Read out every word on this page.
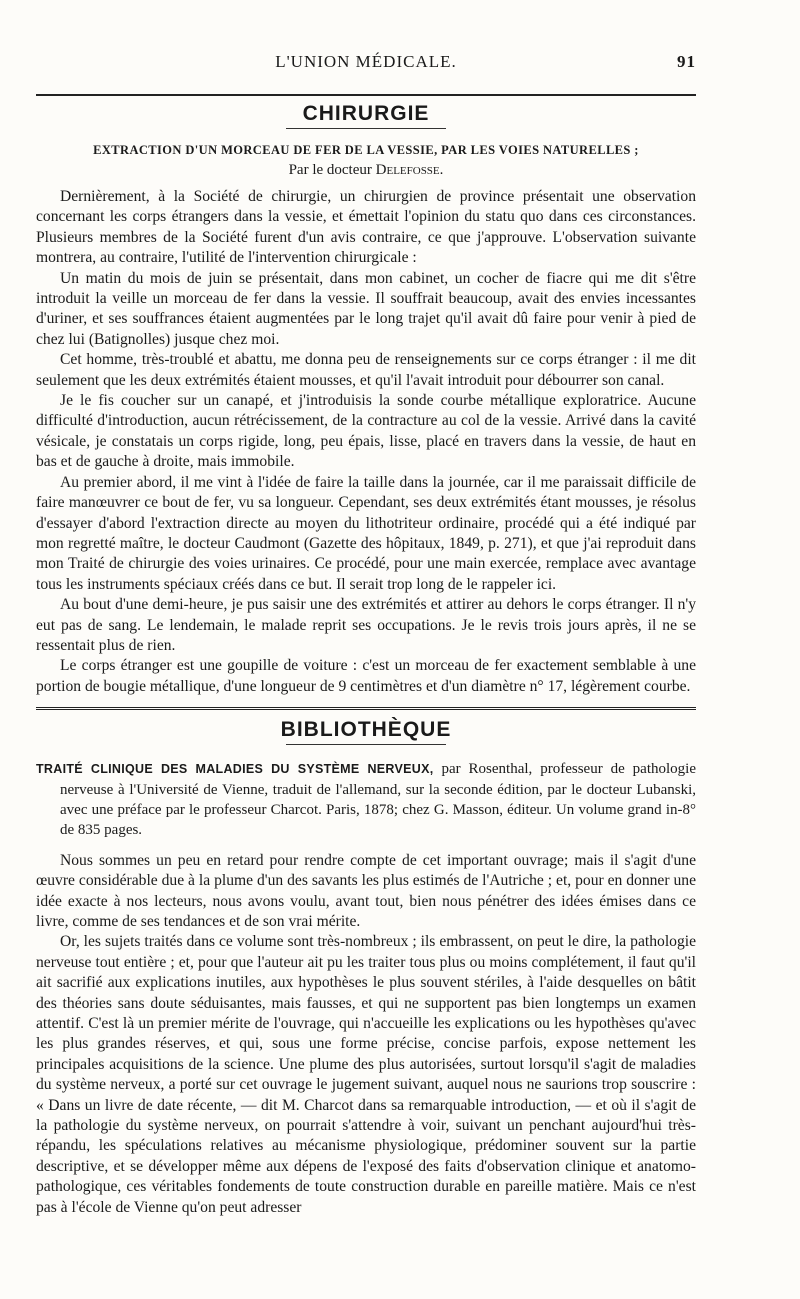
L'UNION MÉDICALE.	91
CHIRURGIE
EXTRACTION D'UN MORCEAU DE FER DE LA VESSIE, PAR LES VOIES NATURELLES ;
Par le docteur Delefosse.

Dernièrement, à la Société de chirurgie, un chirurgien de province présentait une observation concernant les corps étrangers dans la vessie, et émettait l'opinion du statu quo dans ces circonstances. Plusieurs membres de la Société furent d'un avis contraire, ce que j'approuve. L'observation suivante montrera, au contraire, l'utilité de l'intervention chirurgicale :

Un matin du mois de juin se présentait, dans mon cabinet, un cocher de fiacre qui me dit s'être introduit la veille un morceau de fer dans la vessie. Il souffrait beaucoup, avait des envies incessantes d'uriner, et ses souffrances étaient augmentées par le long trajet qu'il avait dû faire pour venir à pied de chez lui (Batignolles) jusque chez moi.

Cet homme, très-troublé et abattu, me donna peu de renseignements sur ce corps étranger : il me dit seulement que les deux extrémités étaient mousses, et qu'il l'avait introduit pour débourrer son canal.

Je le fis coucher sur un canapé, et j'introduisis la sonde courbe métallique exploratrice. Aucune difficulté d'introduction, aucun rétrécissement, de la contracture au col de la vessie. Arrivé dans la cavité vésicale, je constatais un corps rigide, long, peu épais, lisse, placé en travers dans la vessie, de haut en bas et de gauche à droite, mais immobile.

Au premier abord, il me vint à l'idée de faire la taille dans la journée, car il me paraissait difficile de faire manœuvrer ce bout de fer, vu sa longueur. Cependant, ses deux extrémités étant mousses, je résolus d'essayer d'abord l'extraction directe au moyen du lithotriteur ordinaire, procédé qui a été indiqué par mon regretté maître, le docteur Caudmont (Gazette des hôpitaux, 1849, p. 271), et que j'ai reproduit dans mon Traité de chirurgie des voies urinaires. Ce procédé, pour une main exercée, remplace avec avantage tous les instruments spéciaux créés dans ce but. Il serait trop long de le rappeler ici.

Au bout d'une demi-heure, je pus saisir une des extrémités et attirer au dehors le corps étranger. Il n'y eut pas de sang. Le lendemain, le malade reprit ses occupations. Je le revis trois jours après, il ne se ressentait plus de rien.

Le corps étranger est une goupille de voiture : c'est un morceau de fer exactement semblable à une portion de bougie métallique, d'une longueur de 9 centimètres et d'un diamètre n° 17, légèrement courbe.

BIBLIOTHÈQUE
TRAITÉ CLINIQUE DES MALADIES DU SYSTÈME NERVEUX, par Rosenthal, professeur de pathologie nerveuse à l'Université de Vienne, traduit de l'allemand, sur la seconde édition, par le docteur Lubanski, avec une préface par le professeur Charcot. Paris, 1878; chez G. Masson, éditeur. Un volume grand in-8° de 835 pages.

Nous sommes un peu en retard pour rendre compte de cet important ouvrage; mais il s'agit d'une œuvre considérable due à la plume d'un des savants les plus estimés de l'Autriche ; et, pour en donner une idée exacte à nos lecteurs, nous avons voulu, avant tout, bien nous pénétrer des idées émises dans ce livre, comme de ses tendances et de son vrai mérite.

Or, les sujets traités dans ce volume sont très-nombreux ; ils embrassent, on peut le dire, la pathologie nerveuse tout entière ; et, pour que l'auteur ait pu les traiter tous plus ou moins complétement, il faut qu'il ait sacrifié aux explications inutiles, aux hypothèses le plus souvent stériles, à l'aide desquelles on bâtit des théories sans doute séduisantes, mais fausses, et qui ne supportent pas bien longtemps un examen attentif. C'est là un premier mérite de l'ouvrage, qui n'accueille les explications ou les hypothèses qu'avec les plus grandes réserves, et qui, sous une forme précise, concise parfois, expose nettement les principales acquisitions de la science. Une plume des plus autorisées, surtout lorsqu'il s'agit de maladies du système nerveux, a porté sur cet ouvrage le jugement suivant, auquel nous ne saurions trop souscrire : « Dans un livre de date récente, — dit M. Charcot dans sa remarquable introduction, — et où il s'agit de la pathologie du système nerveux, on pourrait s'attendre à voir, suivant un penchant aujourd'hui très-répandu, les spéculations relatives au mécanisme physiologique, prédominer souvent sur la partie descriptive, et se développer même aux dépens de l'exposé des faits d'observation clinique et anatomo-pathologique, ces véritables fondements de toute construction durable en pareille matière. Mais ce n'est pas à l'école de Vienne qu'on peut adresser
